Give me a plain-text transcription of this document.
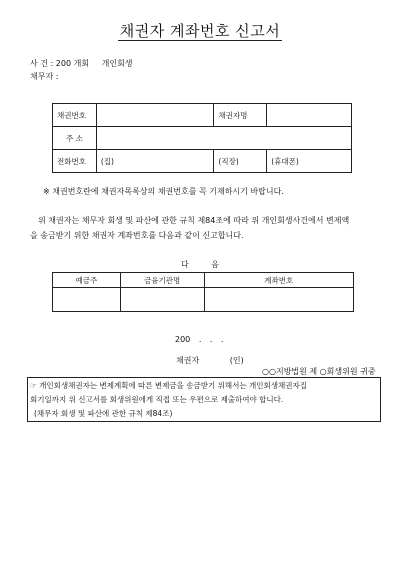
채권자 계좌번호 신고서
사 건 : 200 개회 개인회생
채무자 :
채권번호		채권자명	
주 소			
전화번호	(집)	(직장)	(휴대폰)
※ 채권번호란에 채권자목록상의 채권번호를 꼭 기재하시기 바랍니다.
위 채권자는 채무자 회생 및 파산에 관한 규칙 제84조에 따라 위 개인회생사건에서 변제액
을 송금받기 위한 채권자 계좌번호를 다음과 같이 신고합니다.
다 음
예금주	금융기관명	계좌번호

200 . . .
채권자 (인)
○○지방법원 제 ○회생위원 귀중
☞ 개인회생채권자는 변제계획에 따른 변제금을 송금받기 위해서는 개인회생채권자집
회기일까지 위 신고서를 회생위원에게 직접 또는 우편으로 제출하여야 합니다.
(채무자 회생 및 파산에 관한 규칙 제84조)
